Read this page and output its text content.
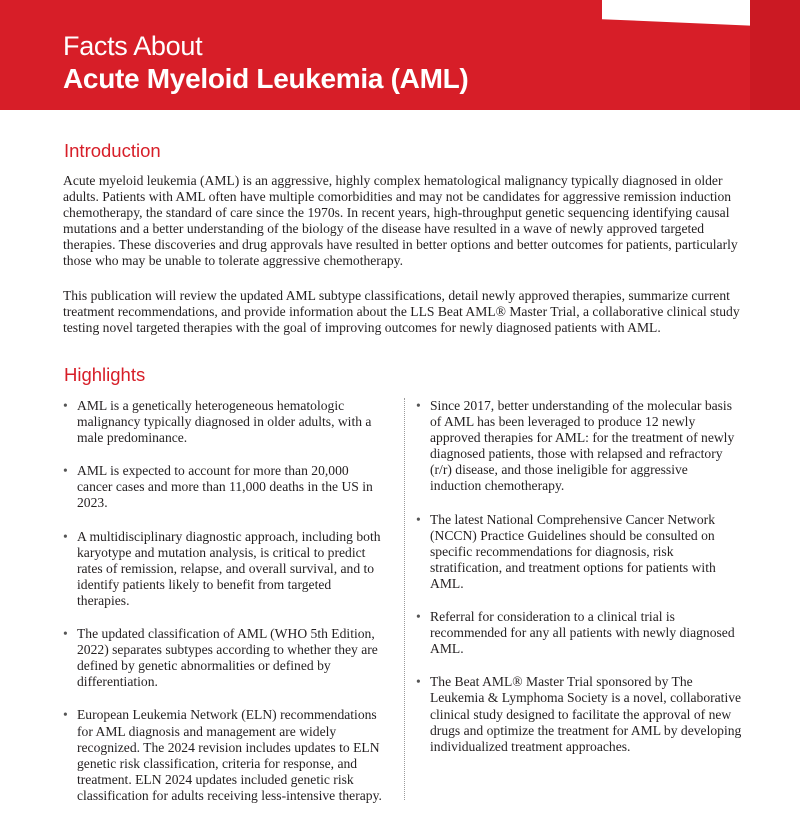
Facts About
Acute Myeloid Leukemia (AML)
Introduction

Acute myeloid leukemia (AML) is an aggressive, highly complex hematological malignancy typically diagnosed in older adults. Patients with AML often have multiple comorbidities and may not be candidates for aggressive remission induction chemotherapy, the standard of care since the 1970s. In recent years, high-throughput genetic sequencing identifying causal mutations and a better understanding of the biology of the disease have resulted in a wave of newly approved targeted therapies. These discoveries and drug approvals have resulted in better options and better outcomes for patients, particularly those who may be unable to tolerate aggressive chemotherapy.

This publication will review the updated AML subtype classifications, detail newly approved therapies, summarize current treatment recommendations, and provide information about the LLS Beat AML® Master Trial, a collaborative clinical study testing novel targeted therapies with the goal of improving outcomes for newly diagnosed patients with AML.

Highlights
• AML is a genetically heterogeneous hematologic malignancy typically diagnosed in older adults, with a male predominance.
• AML is expected to account for more than 20,000 cancer cases and more than 11,000 deaths in the US in 2023.
• A multidisciplinary diagnostic approach, including both karyotype and mutation analysis, is critical to predict rates of remission, relapse, and overall survival, and to identify patients likely to benefit from targeted therapies.
• The updated classification of AML (WHO 5th Edition, 2022) separates subtypes according to whether they are defined by genetic abnormalities or defined by differentiation.
• European Leukemia Network (ELN) recommendations for AML diagnosis and management are widely recognized. The 2024 revision includes updates to ELN genetic risk classification, criteria for response, and treatment. ELN 2024 updates included genetic risk classification for adults receiving less-intensive therapy.
• Since 2017, better understanding of the molecular basis of AML has been leveraged to produce 12 newly approved therapies for AML: for the treatment of newly diagnosed patients, those with relapsed and refractory (r/r) disease, and those ineligible for aggressive induction chemotherapy.
• The latest National Comprehensive Cancer Network (NCCN) Practice Guidelines should be consulted on specific recommendations for diagnosis, risk stratification, and treatment options for patients with AML.
• Referral for consideration to a clinical trial is recommended for any all patients with newly diagnosed AML.
• The Beat AML® Master Trial sponsored by The Leukemia & Lymphoma Society is a novel, collaborative clinical study designed to facilitate the approval of new drugs and optimize the treatment for AML by developing individualized treatment approaches.
